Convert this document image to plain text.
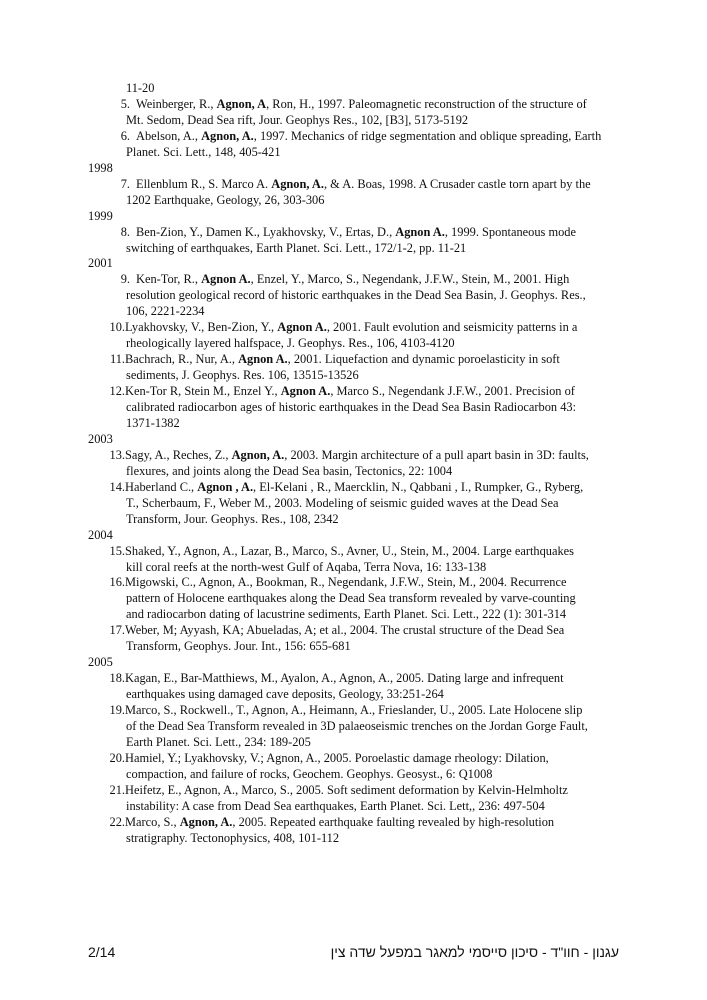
11-20
5. Weinberger, R., Agnon, A, Ron, H., 1997. Paleomagnetic reconstruction of the structure of
Mt. Sedom, Dead Sea rift, Jour. Geophys Res., 102, [B3], 5173-5192
6. Abelson, A., Agnon, A., 1997. Mechanics of ridge segmentation and oblique spreading, Earth
Planet. Sci. Lett., 148, 405-421
1998
7. Ellenblum R., S. Marco A. Agnon, A., & A. Boas, 1998. A Crusader castle torn apart by the
1202 Earthquake, Geology, 26, 303-306
1999
8. Ben-Zion, Y., Damen K., Lyakhovsky, V., Ertas, D., Agnon A., 1999. Spontaneous mode
switching of earthquakes, Earth Planet. Sci. Lett., 172/1-2, pp. 11-21
2001
9. Ken-Tor, R., Agnon A., Enzel, Y., Marco, S., Negendank, J.F.W., Stein, M., 2001. High
resolution geological record of historic earthquakes in the Dead Sea Basin, J. Geophys. Res.,
106, 2221-2234
10. Lyakhovsky, V., Ben-Zion, Y., Agnon A., 2001. Fault evolution and seismicity patterns in a
rheologically layered halfspace, J. Geophys. Res., 106, 4103-4120
11. Bachrach, R., Nur, A., Agnon A., 2001. Liquefaction and dynamic poroelasticity in soft
sediments, J. Geophys. Res. 106, 13515-13526
12. Ken-Tor R, Stein M., Enzel Y., Agnon A., Marco S., Negendank J.F.W., 2001. Precision of
calibrated radiocarbon ages of historic earthquakes in the Dead Sea Basin Radiocarbon 43:
1371-1382
2003
13. Sagy, A., Reches, Z., Agnon, A., 2003. Margin architecture of a pull apart basin in 3D: faults,
flexures, and joints along the Dead Sea basin, Tectonics, 22: 1004
14. Haberland C., Agnon , A., El-Kelani , R., Maercklin, N., Qabbani , I., Rumpker, G., Ryberg,
T., Scherbaum, F., Weber M., 2003. Modeling of seismic guided waves at the Dead Sea
Transform, Jour. Geophys. Res., 108, 2342
2004
15. Shaked, Y., Agnon, A., Lazar, B., Marco, S., Avner, U., Stein, M., 2004. Large earthquakes
kill coral reefs at the north-west Gulf of Aqaba, Terra Nova, 16: 133-138
16. Migowski, C., Agnon, A., Bookman, R., Negendank, J.F.W., Stein, M., 2004. Recurrence
pattern of Holocene earthquakes along the Dead Sea transform revealed by varve-counting
and radiocarbon dating of lacustrine sediments, Earth Planet. Sci. Lett., 222 (1): 301-314
17. Weber, M; Ayyash, KA; Abueladas, A; et al., 2004. The crustal structure of the Dead Sea
Transform, Geophys. Jour. Int., 156: 655-681
2005
18. Kagan, E., Bar-Matthiews, M., Ayalon, A., Agnon, A., 2005. Dating large and infrequent
earthquakes using damaged cave deposits, Geology, 33:251-264
19. Marco, S., Rockwell., T., Agnon, A., Heimann, A., Frieslander, U., 2005. Late Holocene slip
of the Dead Sea Transform revealed in 3D palaeoseismic trenches on the Jordan Gorge Fault,
Earth Planet. Sci. Lett., 234: 189-205
20. Hamiel, Y.; Lyakhovsky, V.; Agnon, A., 2005. Poroelastic damage rheology: Dilation,
compaction, and failure of rocks, Geochem. Geophys. Geosyst., 6: Q1008
21. Heifetz, E., Agnon, A., Marco, S., 2005. Soft sediment deformation by Kelvin-Helmholtz
instability: A case from Dead Sea earthquakes, Earth Planet. Sci. Lett,, 236: 497-504
22. Marco, S., Agnon, A., 2005. Repeated earthquake faulting revealed by high-resolution
stratigraphy. Tectonophysics, 408, 101-112
2/14	עגנון - חוו"ד - סיכון סייסמי למאגר במפעל שדה צין
